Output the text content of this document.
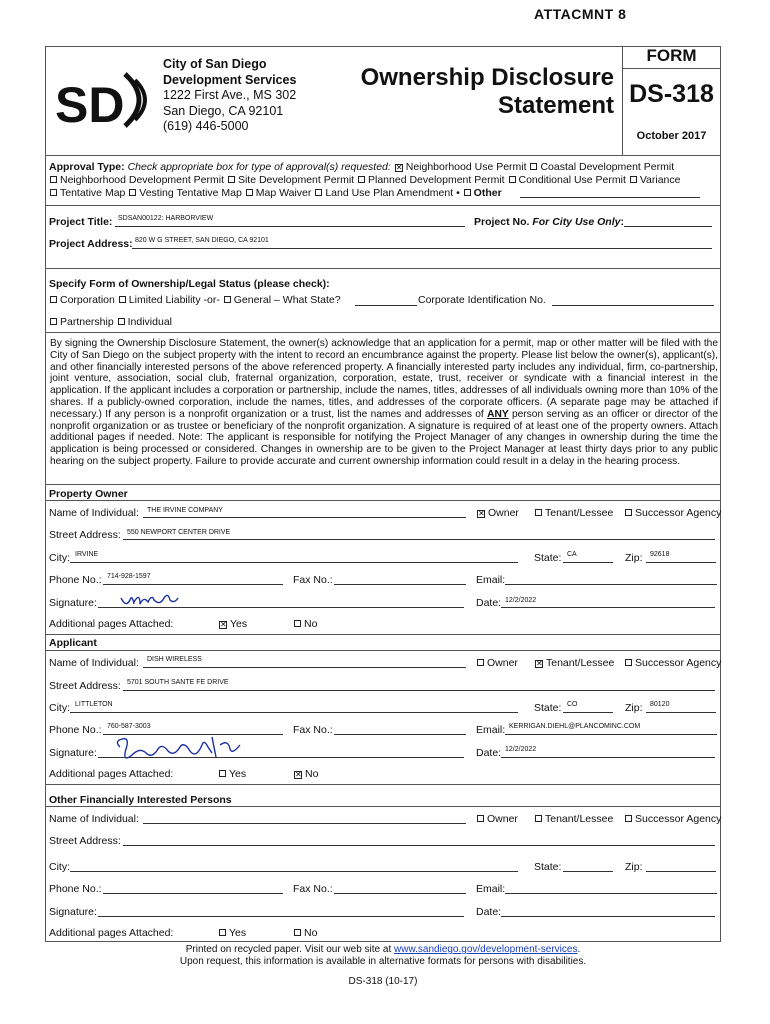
ATTACMNT 8
SD
City of San Diego
Development Services
1222 First Ave., MS 302
San Diego, CA 92101
(619) 446-5000
Ownership Disclosure
Statement
FORM
DS-318
October 2017
Approval Type: Check appropriate box for type of approval(s) requested: ✕ Neighborhood Use Permit Coastal Development Permit
Neighborhood Development Permit Site Development Permit Planned Development Permit Conditional Use Permit Variance
Tentative Map Vesting Tentative Map Map Waiver Land Use Plan Amendment • Other
Project Title: SDSAN00122: HARBORVIEW	Project No. For City Use Only:
Project Address: 820 W G STREET, SAN DIEGO, CA 92101
Specify Form of Ownership/Legal Status (please check):
Corporation Limited Liability -or- General – What State?	Corporate Identification No.
Partnership Individual
By signing the Ownership Disclosure Statement, the owner(s) acknowledge that an application for a permit, map or other matter will be filed with the City of San Diego on the subject property with the intent to record an encumbrance against the property. Please list below the owner(s), applicant(s), and other financially interested persons of the above referenced property. A financially interested party includes any individual, firm, co-partnership, joint venture, association, social club, fraternal organization, corporation, estate, trust, receiver or syndicate with a financial interest in the application. If the applicant includes a corporation or partnership, include the names, titles, addresses of all individuals owning more than 10% of the shares. If a publicly-owned corporation, include the names, titles, and addresses of the corporate officers. (A separate page may be attached if necessary.) If any person is a nonprofit organization or a trust, list the names and addresses of ANY person serving as an officer or director of the nonprofit organization or as trustee or beneficiary of the nonprofit organization. A signature is required of at least one of the property owners. Attach additional pages if needed. Note: The applicant is responsible for notifying the Project Manager of any changes in ownership during the time the application is being processed or considered. Changes in ownership are to be given to the Project Manager at least thirty days prior to any public hearing on the subject property. Failure to provide accurate and current ownership information could result in a delay in the hearing process.
Property Owner
Name of Individual: THE IRVINE COMPANY	✕ Owner	Tenant/Lessee	Successor Agency
Street Address: 550 NEWPORT CENTER DRIVE
City: IRVINE	State: CA	Zip: 92618
Phone No.: 714-928-1597	Fax No.:	Email:
Signature:	Date: 12/2/2022
Additional pages Attached:	✕ Yes	No
Applicant
Name of Individual: DISH WIRELESS	Owner ✕ Tenant/Lessee	Successor Agency
Street Address: 5701 SOUTH SANTE FE DRIVE
City: LITTLETON	State: CO	Zip: 80120
Phone No.: 760-587-3003	Fax No.:	Email: KERRIGAN.DIEHL@PLANCOMINC.COM
Signature:	Date: 12/2/2022
Additional pages Attached:	Yes	✕ No
Other Financially Interested Persons
Name of Individual:	Owner	Tenant/Lessee	Successor Agency
Street Address:
City:	State:	Zip:
Phone No.:	Fax No.:	Email:
Signature:	Date:
Additional pages Attached:	Yes	No
Printed on recycled paper. Visit our web site at www.sandiego.gov/development-services.
Upon request, this information is available in alternative formats for persons with disabilities.
DS-318 (10-17)
